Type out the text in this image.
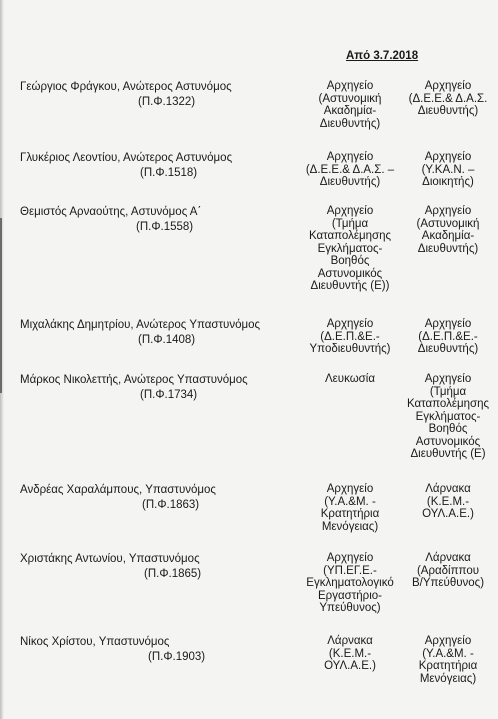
Από 3.7.2018
Γεώργιος Φράγκου, Ανώτερος Αστυνόμος
(Π.Φ.1322)
Αρχηγείο
(Αστυνομική
Ακαδημία-
Διευθυντής)
Αρχηγείο
(Δ.Ε.Ε.& Δ.Α.Σ.
Διευθυντής)
Γλυκέριος Λεοντίου, Ανώτερος Αστυνόμος
(Π.Φ.1518)
Αρχηγείο
(Δ.Ε.Ε.& Δ.Α.Σ. –
Διευθυντής)
Αρχηγείο
(Υ.ΚΑ.Ν. –
Διοικητής)
Θεμιστός Αρναούτης, Αστυνόμος Α΄
(Π.Φ.1558)
Αρχηγείο
(Τμήμα
Καταπολέμησης
Εγκλήματος-
Βοηθός
Αστυνομικός
Διευθυντής (Ε))
Αρχηγείο
(Αστυνομική
Ακαδημία-
Διευθυντής)
Μιχαλάκης Δημητρίου, Ανώτερος Υπαστυνόμος
(Π.Φ.1408)
Αρχηγείο
(Δ.Ε.Π.&Ε.-
Υποδιευθυντής)
Αρχηγείο
(Δ.Ε.Π.&Ε.-
Διευθυντής)
Μάρκος Νικολεττής, Ανώτερος Υπαστυνόμος
(Π.Φ.1734)
Λευκωσία	Αρχηγείο
(Τμήμα
Καταπολέμησης
Εγκλήματος-
Βοηθός
Αστυνομικός
Διευθυντής (Ε)
Ανδρέας Χαραλάμπους, Υπαστυνόμος
(Π.Φ.1863)
Αρχηγείο
(Υ.Α.&Μ. -
Κρατητήρια
Μενόγειας)
Λάρνακα
(Κ.Ε.Μ.-
ΟΥΛ.Α.Ε.)
Χριστάκης Αντωνίου, Υπαστυνόμος
(Π.Φ.1865)
Αρχηγείο
(ΥΠ.ΕΓ.Ε.-
Εγκληματολογικό
Εργαστήριο-
Υπεύθυνος)
Λάρνακα
(Αραδίππου
Β/Υπεύθυνος)
Νίκος Χρίστου, Υπαστυνόμος
(Π.Φ.1903)
Λάρνακα
(Κ.Ε.Μ.-
ΟΥΛ.Α.Ε.)
Αρχηγείο
(Υ.Α.&Μ. -
Κρατητήρια
Μενόγειας)
